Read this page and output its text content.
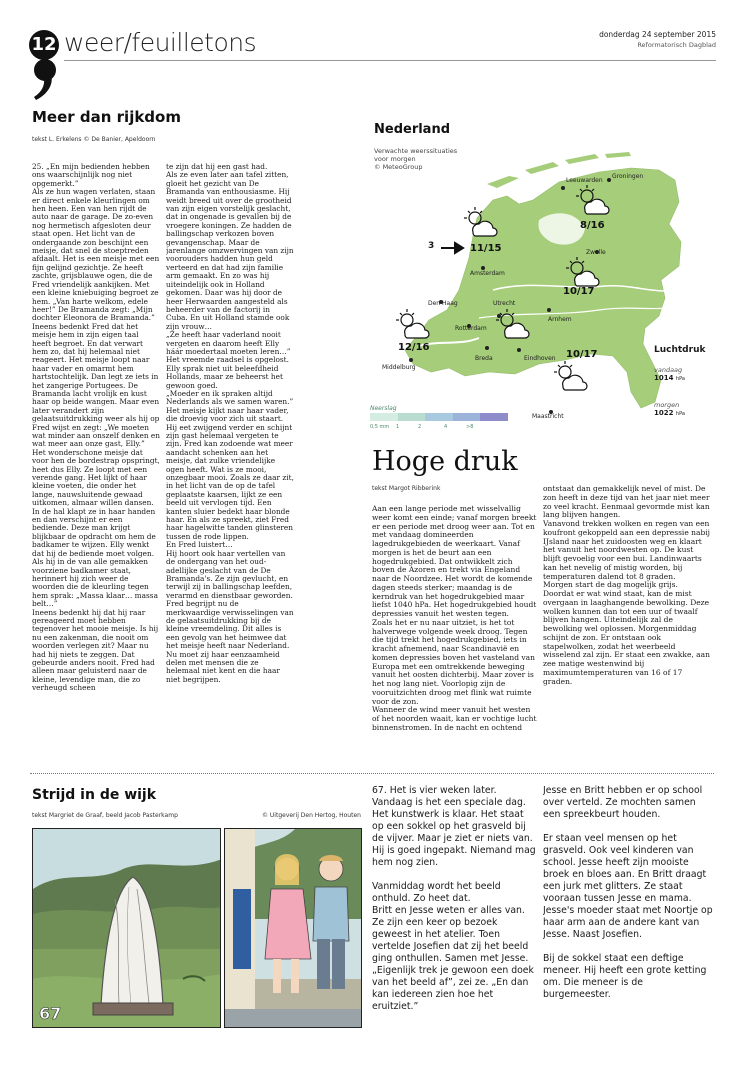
12 weer/feuilletons	donderdag 24 september 2015
Reformatorisch Dagblad
Meer dan rijkdom
tekst L. Erkelens © De Banier, Apeldoorn
25. „En mijn bedienden hebben ons waarschijnlijk nog niet opgemerkt.”
Als ze hun wagen verlaten, staan er direct enkele kleurlingen om hen heen. Een van hen rijdt de auto naar de garage. De zo-even nog hermetisch afgesloten deur staat open. Het licht van de ondergaande zon beschijnt een meisje, dat snel de stoeptreden afdaalt. Het is een meisje met een fijn gelijnd gezichtje. Ze heeft zachte, grijsblauwe ogen, die de Fred vriendelijk aankijken. Met een kleine kniebuiging begroet ze hem. „Van harte welkom, edele heer!” De Bramanda zegt: „Mijn dochter Eleonora de Bramanda.”
Ineens bedenkt Fred dat het meisje hem in zijn eigen taal heeft begroet. En dat verwart hem zo, dat hij helemaal niet reageert. Het meisje loopt naar haar vader en omarmt hem hartstochtelijk. Dan legt ze iets in het zangerige Portugees. De Bramanda lacht vrolijk en kust haar op beide wangen. Maar even later verandert zijn gelaatsuitdrukking weer als hij op Fred wijst en zegt: „We moeten wat minder aan onszelf denken en wat meer aan onze gast, Elly.”
Het wonderschone meisje dat voor hen de bordestrap opspringt, heet dus Elly. Ze loopt met een verende gang. Het lijkt of haar kleine voeten, die onder het lange, nauwsluitende gewaad uitkomen, almaar willen dansen. In de hal klapt ze in haar handen en dan verschijnt er een bediende. Deze man krijgt blijkbaar de opdracht om hem de badkamer te wijzen. Elly wenkt dat hij de bediende moet volgen. Als hij in de van alle gemakken voorziene badkamer staat, herinnert hij zich weer de woorden die de kleurling tegen hem sprak: „Massa klaar… massa belt…”
Ineens bedenkt hij dat hij raar gereageerd moet hebben tegenover het mooie meisje. Is hij nu een zakenman, die nooit om woorden verlegen zit? Maar nu had hij niets te zeggen. Dat gebeurde anders nooit. Fred had alleen maar geluisterd naar de kleine, levendige man, die zo verheugd scheen
te zijn dat hij een gast had.
Als ze even later aan tafel zitten, gloeit het gezicht van De Bramanda van enthousiasme. Hij weidt breed uit over de grootheid van zijn eigen vorstelijk geslacht, dat in ongenade is gevallen bij de vroegere koningen. Ze hadden de ballingschap verkozen boven gevangenschap. Maar de jarenlange omzwervingen van zijn voorouders hadden hun geld verteerd en dat had zijn familie arm gemaakt. En zo was hij uiteindelijk ook in Holland gekomen. Daar was hij door de heer Herwaarden aangesteld als beheerder van de factorij in Cuba. En uit Holland stamde ook zijn vrouw…
„Ze heeft haar vaderland nooit vergeten en daarom heeft Elly háár moedertaal moeten leren…” Het vreemde raadsel is opgelost. Elly sprak niet uit beleefdheid Hollands, maar ze beheerst het gewoon goed.
„Moeder en ik spraken altijd Nederlands als we samen waren.” Het meisje kijkt naar haar vader, die droevig voor zich uit staart. Hij eet zwijgend verder en schijnt zijn gast helemaal vergeten te zijn. Fred kan zodoende wat meer aandacht schenken aan het meisje, dat zulke vriendelijke ogen heeft. Wat is ze mooi, onzegbaar mooi. Zoals ze daar zit, in het licht van de op de tafel geplaatste kaarsen, lijkt ze een beeld uit vervlogen tijd. Een kanten sluier bedekt haar blonde haar. En als ze spreekt, ziet Fred haar hagelwitte tanden glinsteren tussen de rode lippen.
En Fred luistert…
Hij hoort ook haar vertellen van de ondergang van het oud-adellijke geslacht van de De Bramanda's. Ze zijn gevlucht, en terwijl zij in ballingschap leefden, verarmd en dienstbaar geworden.
Fred begrijpt nu de merkwaardige verwisselingen van de gelaatsuitdrukking bij de kleine vreemdeling. Dit alles is een gevolg van het heimwee dat het meisje heeft naar Nederland. Nu moet zij haar eenzaamheid delen met mensen die ze helemaal niet kent en die haar niet begrijpen.
Nederland
Verwachte weerssituaties
voor morgen
© MeteoGroup
Leeuwarden
Groningen
Zwolle
Amsterdam
Den Haag	Utrecht
Rotterdam
Arnhem
Breda	Eindhoven
Middelburg
Maastricht
3	11/15
8/16
10/17
12/16
10/17	Luchtdruk
vandaag
1014 hPa
morgen
1022 hPa
Neerslag
0,5 mm 1	2	4	>8
Hoge druk
tekst Margot Ribberink
Aan een lange periode met wisselvallig weer komt een einde; vanaf morgen breekt er een periode met droog weer aan. Tot en met vandaag domineerden lagedrukgebieden de weerkaart. Vanaf morgen is het de beurt aan een hogedrukgebied. Dat ontwikkelt zich boven de Azoren en trekt via Engeland naar de Noordzee. Het wordt de komende dagen steeds sterker; maandag is de kerndruk van het hogedrukgebied maar liefst 1040 hPa. Het hogedrukgebied houdt depressies vanuit het westen tegen.
Zoals het er nu naar uitziet, is het tot halverwege volgende week droog. Tegen die tijd trekt het hogedrukgebied, iets in kracht afnemend, naar Scandinavië en komen depressies boven het vasteland van Europa met een omtrekkende beweging vanuit het oosten dichterbij. Maar zover is het nog lang niet. Voorlopig zijn de vooruitzichten droog met flink wat ruimte voor de zon.
Wanneer de wind meer vanuit het westen of het noorden waait, kan er vochtige lucht binnenstromen. In de nacht en ochtend
ontstaat dan gemakkelijk nevel of mist. De zon heeft in deze tijd van het jaar niet meer zo veel kracht. Eenmaal gevormde mist kan lang blijven hangen.
Vanavond trekken wolken en regen van een koufront gekoppeld aan een depressie nabij IJsland naar het zuidoosten weg en klaart het vanuit het noordwesten op. De kust blijft gevoelig voor een bui. Landinwaarts kan het nevelig of mistig worden, bij temperaturen dalend tot 8 graden.
Morgen start de dag mogelijk grijs. Doordat er wat wind staat, kan de mist overgaan in laaghangende bewolking. Deze wolken kunnen dan tot een uur of twaalf blijven hangen. Uiteindelijk zal de bewolking wel oplossen. Morgenmiddag schijnt de zon. Er ontstaan ook stapelwolken, zodat het weerbeeld wisselend zal zijn. Er staat een zwakke, aan zee matige westenwind bij maximumtemperaturen van 16 of 17 graden.
Strijd in de wijk
tekst Margriet de Graaf, beeld Jacob Pasterkamp	© Uitgeverij Den Hertog, Houten
67
67. Het is vier weken later. Vandaag is het een speciale dag. Het kunstwerk is klaar. Het staat op een sokkel op het grasveld bij de vijver. Maar je ziet er niets van. Hij is goed ingepakt. Niemand mag hem nog zien.

Vanmiddag wordt het beeld onthuld. Zo heet dat.
Britt en Jesse weten er alles van. Ze zijn een keer op bezoek geweest in het atelier. Toen vertelde Josefien dat zij het beeld ging onthullen. Samen met Jesse.
„Eigenlijk trek je gewoon een doek van het beeld af”, zei ze. „En dan kan iedereen zien hoe het eruitziet.”
Jesse en Britt hebben er op school over verteld. Ze mochten samen een spreekbeurt houden.

Er staan veel mensen op het grasveld. Ook veel kinderen van school. Jesse heeft zijn mooiste broek en bloes aan. En Britt draagt een jurk met glitters. Ze staat vooraan tussen Jesse en mama. Jesse's moeder staat met Noortje op haar arm aan de andere kant van Jesse. Naast Josefien.

Bij de sokkel staat een deftige meneer. Hij heeft een grote ketting om. Die meneer is de burgemeester.
